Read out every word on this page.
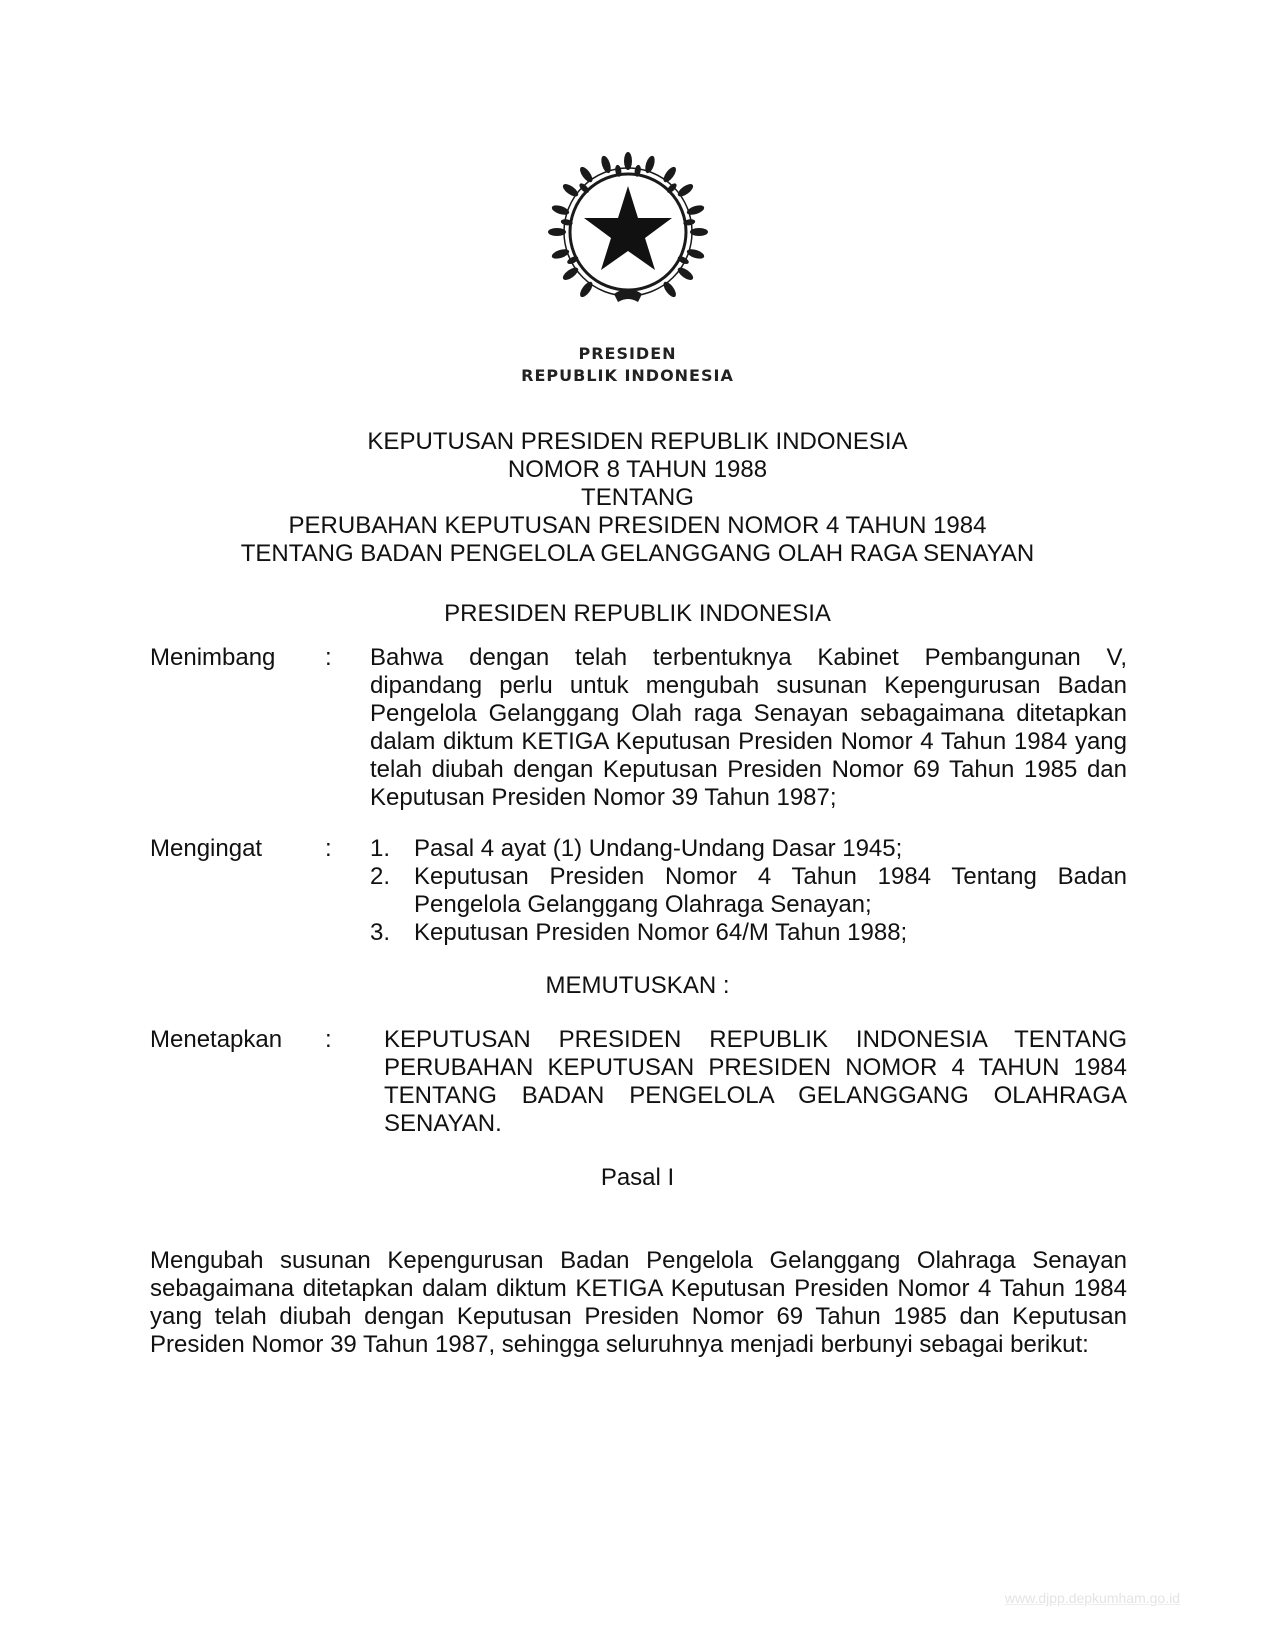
PRESIDEN
REPUBLIK INDONESIA
KEPUTUSAN PRESIDEN REPUBLIK INDONESIA
NOMOR 8 TAHUN 1988
TENTANG
PERUBAHAN KEPUTUSAN PRESIDEN NOMOR 4 TAHUN 1984
TENTANG BADAN PENGELOLA GELANGGANG OLAH RAGA SENAYAN
PRESIDEN REPUBLIK INDONESIA
Menimbang : Bahwa dengan telah terbentuknya Kabinet Pembangunan V, dipandang perlu untuk mengubah susunan Kepengurusan Badan Pengelola Gelanggang Olah raga Senayan sebagaimana ditetapkan dalam diktum KETIGA Keputusan Presiden Nomor 4 Tahun 1984 yang telah diubah dengan Keputusan Presiden Nomor 69 Tahun 1985 dan Keputusan Presiden Nomor 39 Tahun 1987;
Mengingat	: 1. Pasal 4 ayat (1) Undang-Undang Dasar 1945;
2. Keputusan Presiden Nomor 4 Tahun 1984 Tentang Badan Pengelola Gelanggang Olahraga Senayan;
3. Keputusan Presiden Nomor 64/M Tahun 1988;
MEMUTUSKAN :
Menetapkan : KEPUTUSAN PRESIDEN REPUBLIK INDONESIA TENTANG PERUBAHAN KEPUTUSAN PRESIDEN NOMOR 4 TAHUN 1984 TENTANG BADAN PENGELOLA GELANGGANG OLAHRAGA SENAYAN.
Pasal I
Mengubah susunan Kepengurusan Badan Pengelola Gelanggang Olahraga Senayan sebagaimana ditetapkan dalam diktum KETIGA Keputusan Presiden Nomor 4 Tahun 1984 yang telah diubah dengan Keputusan Presiden Nomor 69 Tahun 1985 dan Keputusan Presiden Nomor 39 Tahun 1987, sehingga seluruhnya menjadi berbunyi sebagai berikut:
www.djpp.depkumham.go.id
